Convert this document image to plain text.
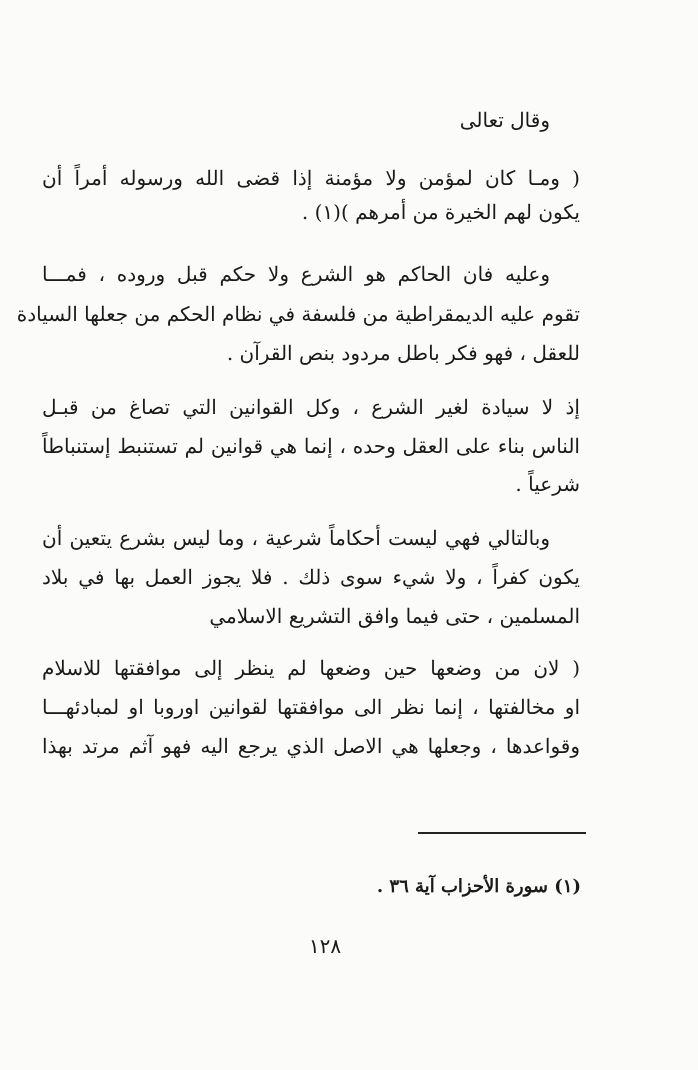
وقال تعالى
( ومـا كان لمؤمن ولا مؤمنة إذا قضى الله ورسوله أمراً أن
يكون لهم الخيرة من أمرهم )(١) .
وعليه فان الحاكم هو الشرع ولا حكم قبل وروده ، فمـــا
تقوم عليه الديمقراطية من فلسفة في نظام الحكم من جعلها السيادة
للعقل ، فهو فكر باطل مردود بنص القرآن .
إذ لا سيادة لغير الشرع ، وكل القوانين التي تصاغ من قبـل
الناس بناء على العقل وحده ، إنما هي قوانين لم تستنبط إستنباطاً
شرعياً .
وبالتالي فهي ليست أحكاماً شرعية ، وما ليس بشرع يتعين أن
يكون كفراً ، ولا شيء سوى ذلك . فلا يجوز العمل بها في بلاد
المسلمين ، حتى فيما وافق التشريع الاسلامي
( لان من وضعها حين وضعها لم ينظر إلى موافقتها للاسلام
او مخالفتها ، إنما نظر الى موافقتها لقوانين اوروبا او لمبادئهـــا
وقواعدها ، وجعلها هي الاصل الذي يرجع اليه فهو آثم مرتد بهذا
(١) سورة الأحزاب آية ٣٦ .
١٢٨
